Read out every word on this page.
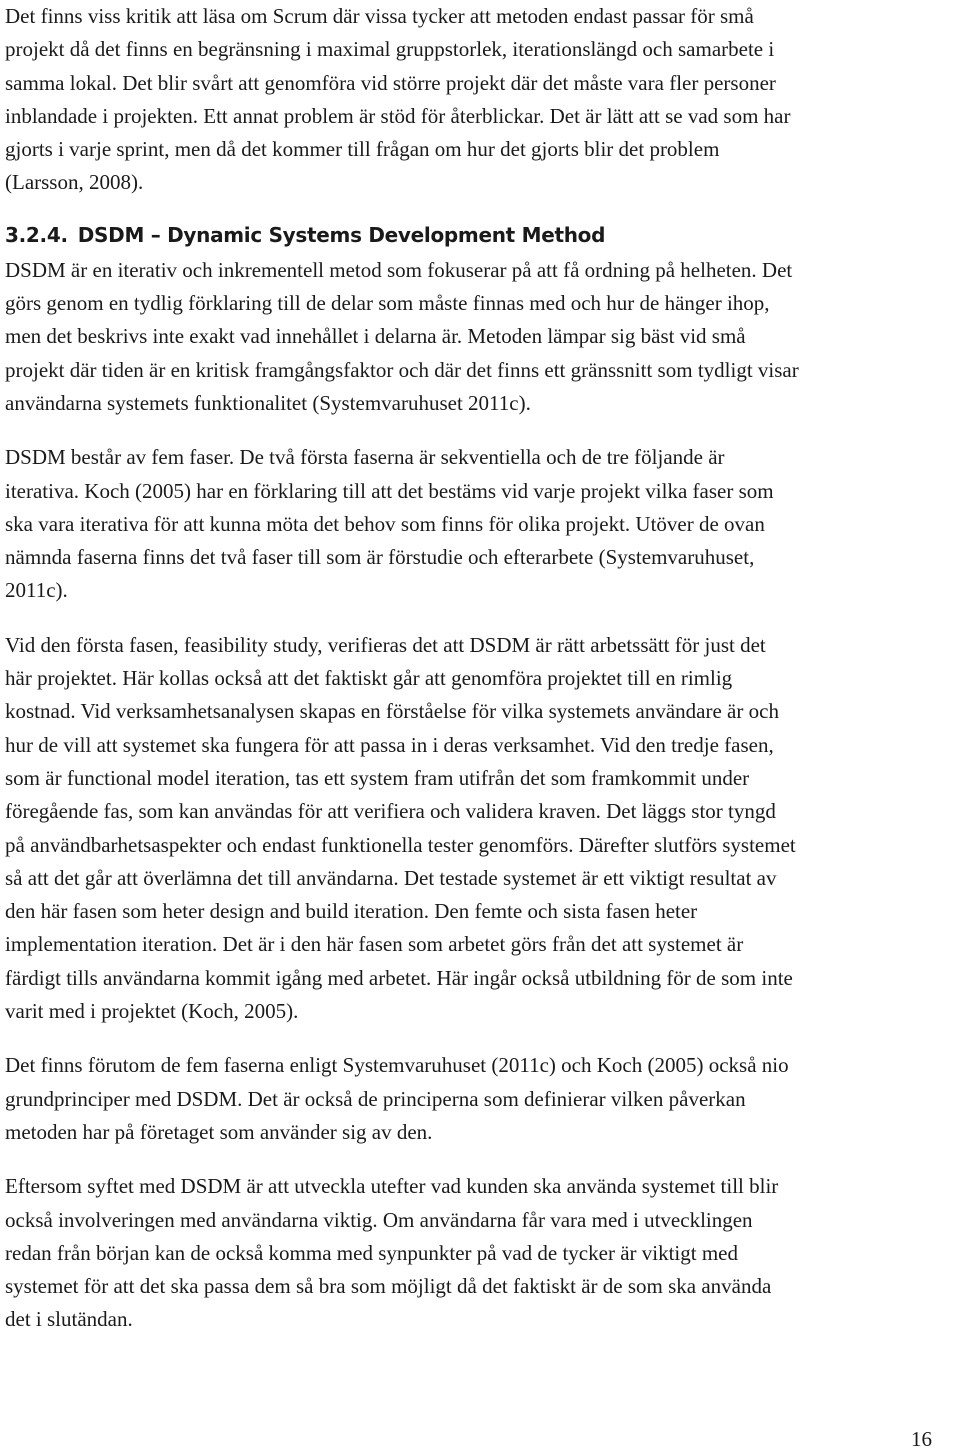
Det finns viss kritik att läsa om Scrum där vissa tycker att metoden endast passar för små
projekt då det finns en begränsning i maximal gruppstorlek, iterationslängd och samarbete i
samma lokal. Det blir svårt att genomföra vid större projekt där det måste vara fler personer
inblandade i projekten. Ett annat problem är stöd för återblickar. Det är lätt att se vad som har
gjorts i varje sprint, men då det kommer till frågan om hur det gjorts blir det problem
(Larsson, 2008).

3.2.4. DSDM – Dynamic Systems Development Method

DSDM är en iterativ och inkrementell metod som fokuserar på att få ordning på helheten. Det
görs genom en tydlig förklaring till de delar som måste finnas med och hur de hänger ihop,
men det beskrivs inte exakt vad innehållet i delarna är. Metoden lämpar sig bäst vid små
projekt där tiden är en kritisk framgångsfaktor och där det finns ett gränssnitt som tydligt visar
användarna systemets funktionalitet (Systemvaruhuset 2011c).

DSDM består av fem faser. De två första faserna är sekventiella och de tre följande är
iterativa. Koch (2005) har en förklaring till att det bestäms vid varje projekt vilka faser som
ska vara iterativa för att kunna möta det behov som finns för olika projekt. Utöver de ovan
nämnda faserna finns det två faser till som är förstudie och efterarbete (Systemvaruhuset,
2011c).

Vid den första fasen, feasibility study, verifieras det att DSDM är rätt arbetssätt för just det
här projektet. Här kollas också att det faktiskt går att genomföra projektet till en rimlig
kostnad. Vid verksamhetsanalysen skapas en förståelse för vilka systemets användare är och
hur de vill att systemet ska fungera för att passa in i deras verksamhet. Vid den tredje fasen,
som är functional model iteration, tas ett system fram utifrån det som framkommit under
föregående fas, som kan användas för att verifiera och validera kraven. Det läggs stor tyngd
på användbarhetsaspekter och endast funktionella tester genomförs. Därefter slutförs systemet
så att det går att överlämna det till användarna. Det testade systemet är ett viktigt resultat av
den här fasen som heter design and build iteration. Den femte och sista fasen heter
implementation iteration. Det är i den här fasen som arbetet görs från det att systemet är
färdigt tills användarna kommit igång med arbetet. Här ingår också utbildning för de som inte
varit med i projektet (Koch, 2005).

Det finns förutom de fem faserna enligt Systemvaruhuset (2011c) och Koch (2005) också nio
grundprinciper med DSDM. Det är också de principerna som definierar vilken påverkan
metoden har på företaget som använder sig av den.

Eftersom syftet med DSDM är att utveckla utefter vad kunden ska använda systemet till blir
också involveringen med användarna viktig. Om användarna får vara med i utvecklingen
redan från början kan de också komma med synpunkter på vad de tycker är viktigt med
systemet för att det ska passa dem så bra som möjligt då det faktiskt är de som ska använda
det i slutändan.

16
